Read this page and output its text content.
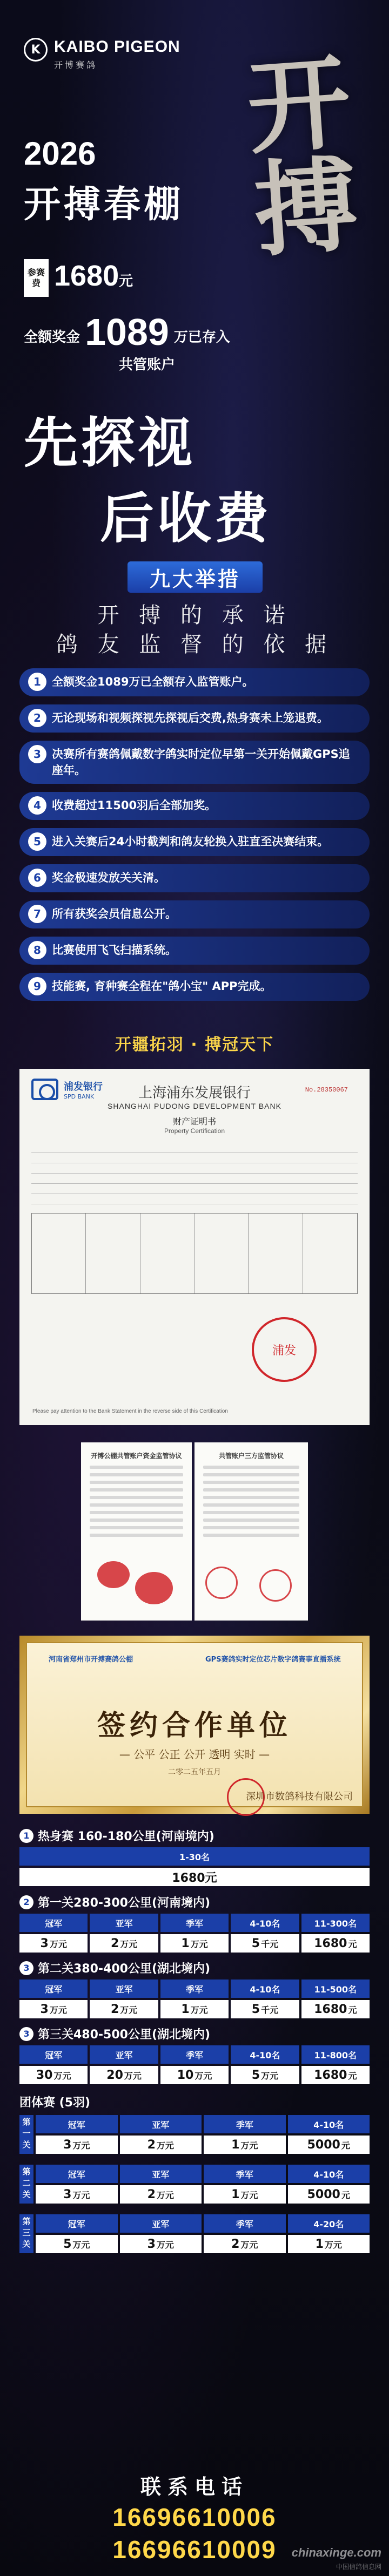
K KAIBO PIGEON
开博赛鸽 开搏
2026
开搏春棚
参赛费 1680元
全额奖金 1089 万已存入
共管账户
先探视
后收费
九大举措
开 搏 的 承 诺
鸽 友 监 督 的 依 据
1 全额奖金1089万已全额存入监管账户。
2 无论现场和视频探视先探视后交费,热身赛未上笼退费。
3 决赛所有赛鸽佩戴数字鸽实时定位早第一关开始佩戴GPS追座年。
4 收费超过11500羽后全部加奖。
5 进入关赛后24小时截判和鸽友轮换入驻直至决赛结束。
6 奖金极速发放关关清。
7 所有获奖会员信息公开。
8 比赛使用飞飞扫描系统。
9 技能赛, 育种赛全程在"鸽小宝" APP完成。
开疆拓羽 · 搏冠天下
浦发银行
SPD BANK
No.28350067
上海浦东发展银行
SHANGHAI PUDONG DEVELOPMENT BANK
财产证明书
Property Certification
浦发
Please pay attention to the Bank Statement in the reverse side of this Certification
开博公棚共管账户资金监管协议	共管账户三方监管协议
河南省郑州市开搏赛鸽公棚	GPS赛鸽实时定位芯片数字鸽赛事直播系统
签约合作单位
— 公平 公正 公开 透明 实时 —
二零二五年五月
深圳市数鸽科技有限公司
1 热身赛 160-180公里(河南境内)
1-30名
1680元
2 第一关280-300公里(河南境内)
冠军	亚军	季军	4-10名	11-300名
3 万元	2 万元	1 万元	5 千元	1680 元
3 第二关380-400公里(湖北境内)
冠军	亚军	季军	4-10名	11-500名
3 万元	2 万元	1 万元	5 千元	1680 元
3 第三关480-500公里(湖北境内)
冠军	亚军	季军	4-10名	11-800名
30 万元	20 万元	10 万元	5 万元	1680 元
团体赛 (5羽)
第一关	冠军	亚军	季军	4-10名
3 万元	2 万元	1 万元	5000 元
第二关	冠军	亚军	季军	4-10名
3 万元	2 万元	1 万元	5000 元
第三关	冠军	亚军	季军	4-20名
5 万元	3 万元	2 万元	1 万元
联系电话
16696610006
16696610009	chinaxinge.com
中国信鸽信息网
